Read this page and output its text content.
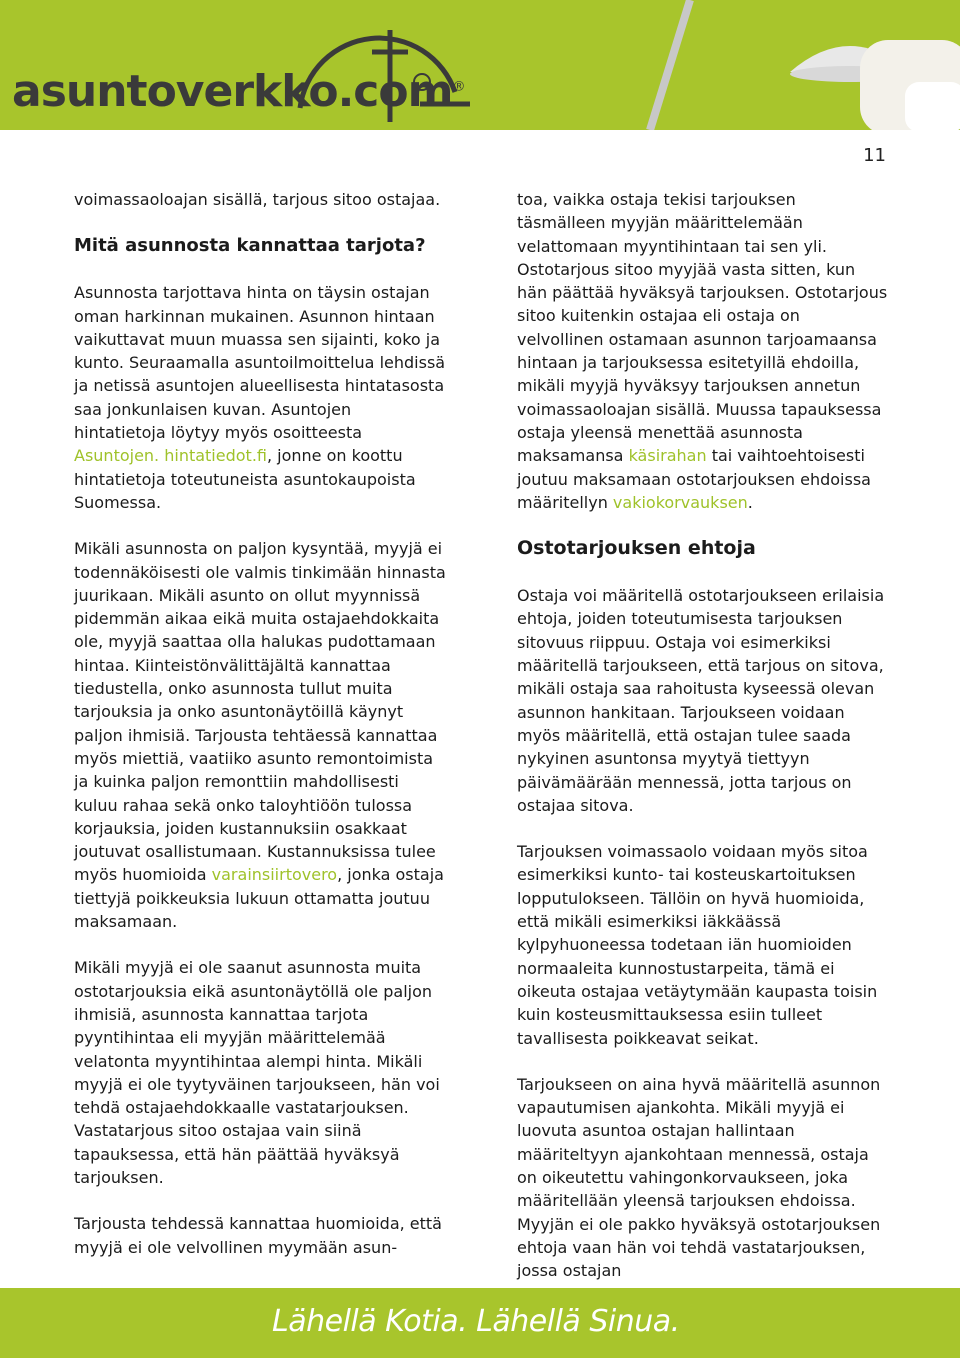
asuntoverkko.com®
11

voimassaoloajan sisällä, tarjous sitoo ostajaa.

Mitä asunnosta kannattaa tarjota?

Asunnosta tarjottava hinta on täysin ostajan oman harkinnan mukainen. Asunnon hintaan vaikuttavat muun muassa sen sijainti, koko ja kunto. Seuraamalla asuntoilmoittelua lehdissä ja netissä asuntojen alueellisesta hintatasosta saa jonkunlaisen kuvan. Asuntojen hintatietoja löytyy myös osoitteesta Asuntojen. hintatiedot.fi, jonne on koottu hintatietoja toteutuneista asuntokaupoista Suomessa.

Mikäli asunnosta on paljon kysyntää, myyjä ei todennäköisesti ole valmis tinkimään hinnasta juurikaan. Mikäli asunto on ollut myynnissä pidemmän aikaa eikä muita ostajaehdokkaita ole, myyjä saattaa olla halukas pudottamaan hintaa. Kiinteistönvälittäjältä kannattaa tiedustella, onko asunnosta tullut muita tarjouksia ja onko asuntonäytöillä käynyt paljon ihmisiä. Tarjousta tehtäessä kannattaa myös miettiä, vaatiiko asunto remontoimista ja kuinka paljon remonttiin mahdollisesti kuluu rahaa sekä onko taloyhtiöön tulossa korjauksia, joiden kustannuksiin osakkaat joutuvat osallistumaan. Kustannuksissa tulee myös huomioida varainsiirtovero, jonka ostaja tiettyjä poikkeuksia lukuun ottamatta joutuu maksamaan.

Mikäli myyjä ei ole saanut asunnosta muita ostotarjouksia eikä asuntonäytöllä ole paljon ihmisiä, asunnosta kannattaa tarjota pyyntihintaa eli myyjän määrittelemää velatonta myyntihintaa alempi hinta. Mikäli myyjä ei ole tyytyväinen tarjoukseen, hän voi tehdä ostajaehdokkaalle vastatarjouksen. Vastatarjous sitoo ostajaa vain siinä tapauksessa, että hän päättää hyväksyä tarjouksen.

Tarjousta tehdessä kannattaa huomioida, että myyjä ei ole velvollinen myymään asun-

toa, vaikka ostaja tekisi tarjouksen täsmälleen myyjän määrittelemään velattomaan myyntihintaan tai sen yli. Ostotarjous sitoo myyjää vasta sitten, kun hän päättää hyväksyä tarjouksen. Ostotarjous sitoo kuitenkin ostajaa eli ostaja on velvollinen ostamaan asunnon tarjoamaansa hintaan ja tarjouksessa esitetyillä ehdoilla, mikäli myyjä hyväksyy tarjouksen annetun voimassaoloajan sisällä. Muussa tapauksessa ostaja yleensä menettää asunnosta maksamansa käsirahan tai vaihtoehtoisesti joutuu maksamaan ostotarjouksen ehdoissa määritellyn vakiokorvauksen.

Ostotarjouksen ehtoja

Ostaja voi määritellä ostotarjoukseen erilaisia ehtoja, joiden toteutumisesta tarjouksen sitovuus riippuu. Ostaja voi esimerkiksi määritellä tarjoukseen, että tarjous on sitova, mikäli ostaja saa rahoitusta kyseessä olevan asunnon hankitaan. Tarjoukseen voidaan myös määritellä, että ostajan tulee saada nykyinen asuntonsa myytyä tiettyyn päivämäärään mennessä, jotta tarjous on ostajaa sitova.

Tarjouksen voimassaolo voidaan myös sitoa esimerkiksi kunto- tai kosteuskartoituksen lopputulokseen. Tällöin on hyvä huomioida, että mikäli esimerkiksi iäkkäässä kylpyhuoneessa todetaan iän huomioiden normaaleita kunnostustarpeita, tämä ei oikeuta ostajaa vetäytymään kaupasta toisin kuin kosteusmittauksessa esiin tulleet tavallisesta poikkeavat seikat.

Tarjoukseen on aina hyvä määritellä asunnon vapautumisen ajankohta. Mikäli myyjä ei luovuta asuntoa ostajan hallintaan määriteltyyn ajankohtaan mennessä, ostaja on oikeutettu vahingonkorvaukseen, joka määritellään yleensä tarjouksen ehdoissa. Myyjän ei ole pakko hyväksyä ostotarjouksen ehtoja vaan hän voi tehdä vastatarjouksen, jossa ostajan

Lähellä Kotia. Lähellä Sinua.
